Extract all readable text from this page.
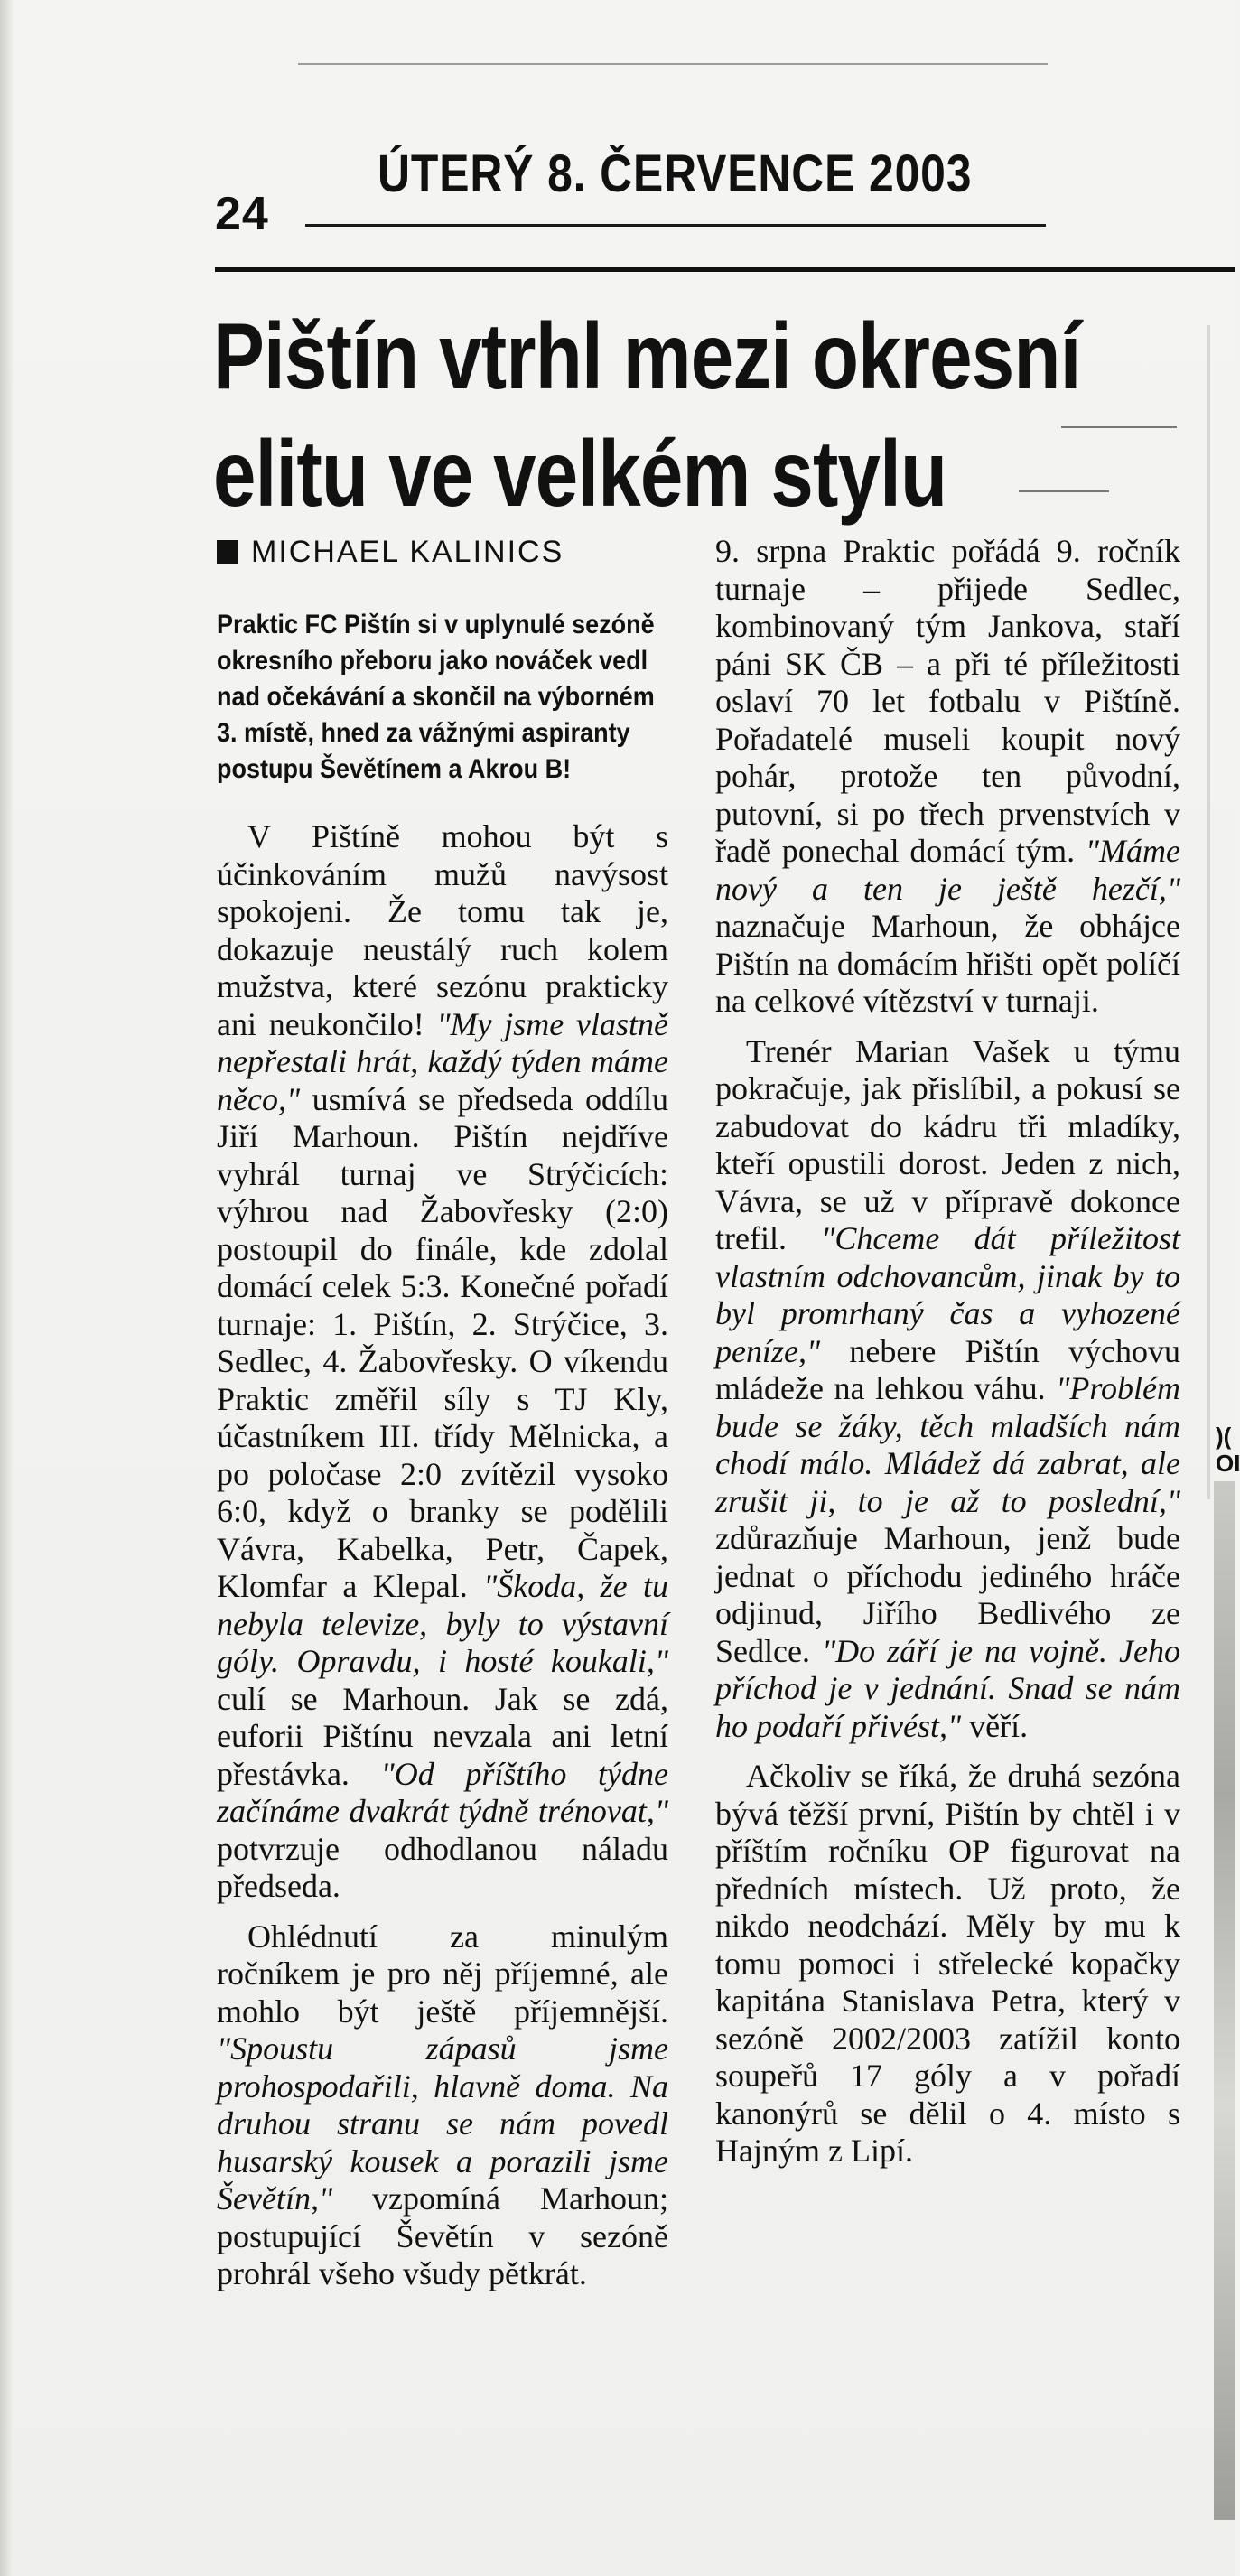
24
ÚTERÝ 8. ČERVENCE 2003
Pištín vtrhl mezi okresní
elitu ve velkém stylu
MICHAEL KALINICS
Praktic FC Pištín si v uplynulé sezóně okresního přeboru jako nováček vedl nad očekávání a skončil na výborném 3. místě, hned za vážnými aspiranty postupu Ševětínem a Akrou B!

V Pištíně mohou být s účinkováním mužů navýsost spokojeni. Že tomu tak je, dokazuje neustálý ruch kolem mužstva, které sezónu prakticky ani neukončilo! "My jsme vlastně nepřestali hrát, každý týden máme něco," usmívá se předseda oddílu Jiří Marhoun. Pištín nejdříve vyhrál turnaj ve Strýčicích: výhrou nad Žabovřesky (2:0) postoupil do finále, kde zdolal domácí celek 5:3. Konečné pořadí turnaje: 1. Pištín, 2. Strýčice, 3. Sedlec, 4. Žabovřesky. O víkendu Praktic změřil síly s TJ Kly, účastníkem III. třídy Mělnicka, a po poločase 2:0 zvítězil vysoko 6:0, když o branky se podělili Vávra, Kabelka, Petr, Čapek, Klomfar a Klepal. "Škoda, že tu nebyla televize, byly to výstavní góly. Opravdu, i hosté koukali," culí se Marhoun. Jak se zdá, euforii Pištínu nevzala ani letní přestávka. "Od příštího týdne začínáme dvakrát týdně trénovat," potvrzuje odhodlanou náladu předseda.

Ohlédnutí za minulým ročníkem je pro něj příjemné, ale mohlo být ještě příjemnější. "Spoustu zápasů jsme prohospodařili, hlavně doma. Na druhou stranu se nám povedl husarský kousek a porazili jsme Ševětín," vzpomíná Marhoun; postupující Ševětín v sezóně prohrál všeho všudy pětkrát.

9. srpna Praktic pořádá 9. ročník turnaje – přijede Sedlec, kombinovaný tým Jankova, staří páni SK ČB – a při té příležitosti oslaví 70 let fotbalu v Pištíně. Pořadatelé museli koupit nový pohár, protože ten původní, putovní, si po třech prvenstvích v řadě ponechal domácí tým. "Máme nový a ten je ještě hezčí," naznačuje Marhoun, že obhájce Pištín na domácím hřišti opět políčí na celkové vítězství v turnaji.

Trenér Marian Vašek u týmu pokračuje, jak přislíbil, a pokusí se zabudovat do kádru tři mladíky, kteří opustili dorost. Jeden z nich, Vávra, se už v přípravě dokonce trefil. "Chceme dát příležitost vlastním odchovancům, jinak by to byl promrhaný čas a vyhozené peníze," nebere Pištín výchovu mládeže na lehkou váhu. "Problém bude se žáky, těch mladších nám chodí málo. Mládež dá zabrat, ale zrušit ji, to je až to poslední," zdůrazňuje Marhoun, jenž bude jednat o příchodu jediného hráče odjinud, Jiřího Bedlivého ze Sedlce. "Do září je na vojně. Jeho příchod je v jednání. Snad se nám ho podaří přivést," věří.

Ačkoliv se říká, že druhá sezóna bývá těžší první, Pištín by chtěl i v příštím ročníku OP figurovat na předních místech. Už proto, že nikdo neodchází. Měly by mu k tomu pomoci i střelecké kopačky kapitána Stanislava Petra, který v sezóně 2002/2003 zatížil konto soupeřů 17 góly a v pořadí kanonýrů se dělil o 4. místo s Hajným z Lipí.

)(
OI
